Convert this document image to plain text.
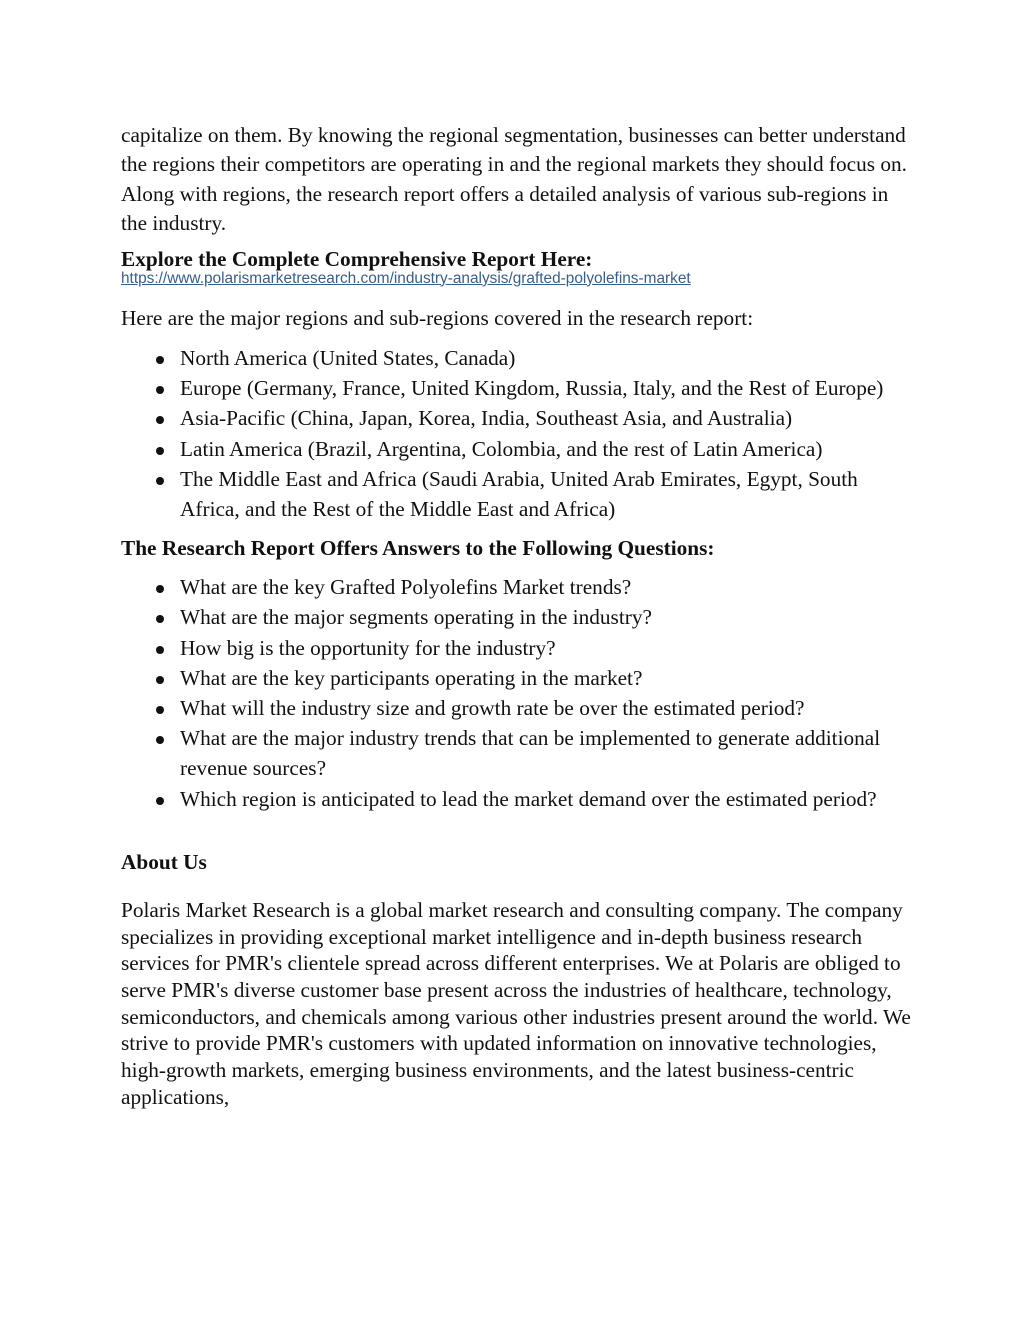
capitalize on them. By knowing the regional segmentation, businesses can better understand the regions their competitors are operating in and the regional markets they should focus on. Along with regions, the research report offers a detailed analysis of various sub-regions in the industry.

Explore the Complete Comprehensive Report Here:

https://www.polarismarketresearch.com/industry-analysis/grafted-polyolefins-market

Here are the major regions and sub-regions covered in the research report:

North America (United States, Canada)
Europe (Germany, France, United Kingdom, Russia, Italy, and the Rest of Europe)
Asia-Pacific (China, Japan, Korea, India, Southeast Asia, and Australia)
Latin America (Brazil, Argentina, Colombia, and the rest of Latin America)
The Middle East and Africa (Saudi Arabia, United Arab Emirates, Egypt, South Africa, and the Rest of the Middle East and Africa)

The Research Report Offers Answers to the Following Questions:

What are the key Grafted Polyolefins Market trends?
What are the major segments operating in the industry?
How big is the opportunity for the industry?
What are the key participants operating in the market?
What will the industry size and growth rate be over the estimated period?
What are the major industry trends that can be implemented to generate additional revenue sources?
Which region is anticipated to lead the market demand over the estimated period?

About Us

Polaris Market Research is a global market research and consulting company. The company specializes in providing exceptional market intelligence and in-depth business research services for PMR's clientele spread across different enterprises. We at Polaris are obliged to serve PMR's diverse customer base present across the industries of healthcare, technology, semiconductors, and chemicals among various other industries present around the world. We strive to provide PMR's customers with updated information on innovative technologies, high-growth markets, emerging business environments, and the latest business-centric applications,
